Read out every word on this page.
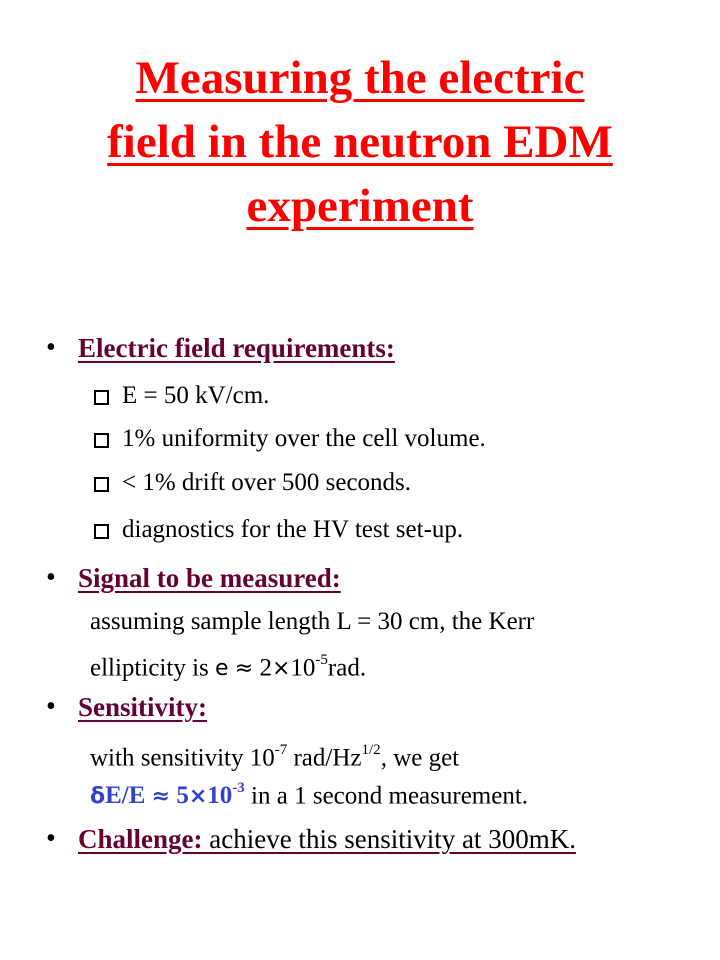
Measuring the electric
field in the neutron EDM
experiment
• Electric field requirements:
E = 50 kV/cm.
1% uniformity over the cell volume.
< 1% drift over 500 seconds.
diagnostics for the HV test set-up.
• Signal to be measured:
assuming sample length L = 30 cm, the Kerr
ellipticity is $e \approx 2\times 10^{-5}rad$.
• Sensitivity:
with sensitivity $10^{-7}$ rad/$Hz^{1/2}$, we get
$\delta E/E \approx 5\times 10^{-3}$ in a 1 second measurement.
• Challenge: achieve this sensitivity at 300mK.
